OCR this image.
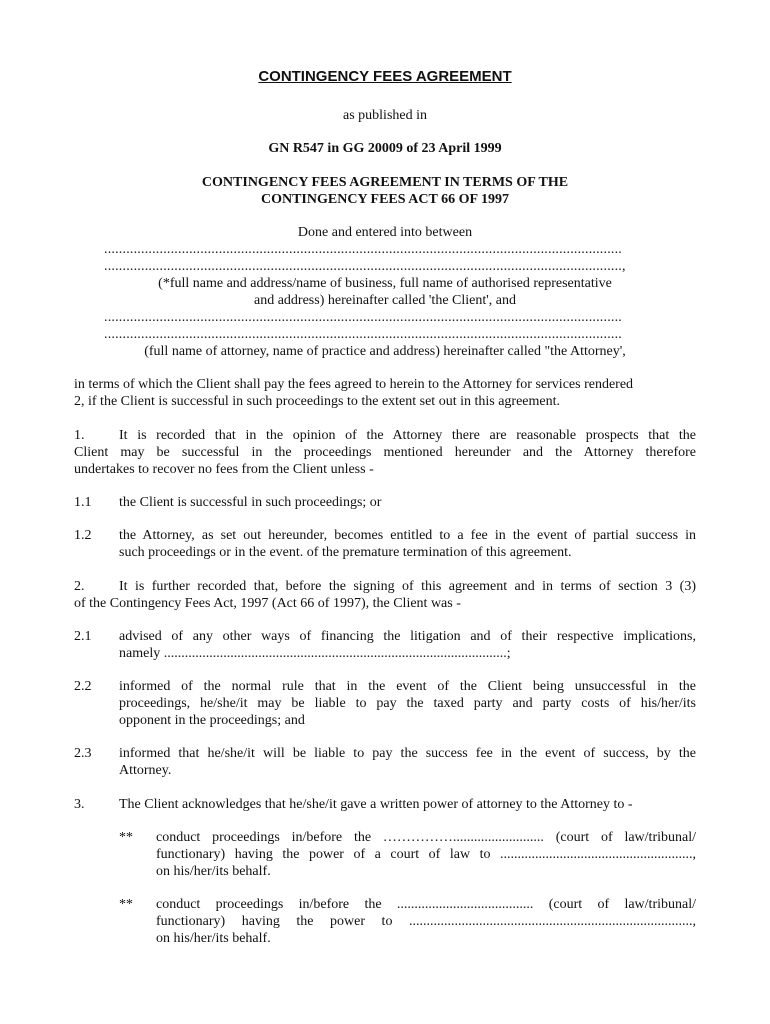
CONTINGENCY FEES AGREEMENT
as published in
GN R547 in GG 20009 of 23 April 1999
CONTINGENCY FEES AGREEMENT IN TERMS OF THE
CONTINGENCY FEES ACT 66 OF 1997
Done and entered into between
............................................................................................................................................
............................................................................................................................................,
(*full name and address/name of business, full name of authorised representative
and address) hereinafter called 'the Client', and
............................................................................................................................................
............................................................................................................................................
(full name of attorney, name of practice and address) hereinafter called "the Attorney',
in terms of which the Client shall pay the fees agreed to herein to the Attorney for services rendered
2, if the Client is successful in such proceedings to the extent set out in this agreement.
1. It is recorded that in the opinion of the Attorney there are reasonable prospects that the
Client may be successful in the proceedings mentioned hereunder and the Attorney therefore
undertakes to recover no fees from the Client unless -
1.1 the Client is successful in such proceedings; or
1.2 the Attorney, as set out hereunder, becomes entitled to a fee in the event of partial success in
such proceedings or in the event. of the premature termination of this agreement.
2. It is further recorded that, before the signing of this agreement and in terms of section 3 (3)
of the Contingency Fees Act, 1997 (Act 66 of 1997), the Client was -
2.1 advised of any other ways of financing the litigation and of their respective implications,
namely ..................................................................................................;
2.2 informed of the normal rule that in the event of the Client being unsuccessful in the
proceedings, he/she/it may be liable to pay the taxed party and party costs of his/her/its
opponent in the proceedings; and
2.3 informed that he/she/it will be liable to pay the success fee in the event of success, by the
Attorney.
3. The Client acknowledges that he/she/it gave a written power of attorney to the Attorney to -
** conduct proceedings in/before the …………….......................... (court of law/tribunal/
functionary) having the power of a court of law to .......................................................,
on his/her/its behalf.
** conduct proceedings in/before the ....................................... (court of law/tribunal/
functionary) having the power to .................................................................................,
on his/her/its behalf.
